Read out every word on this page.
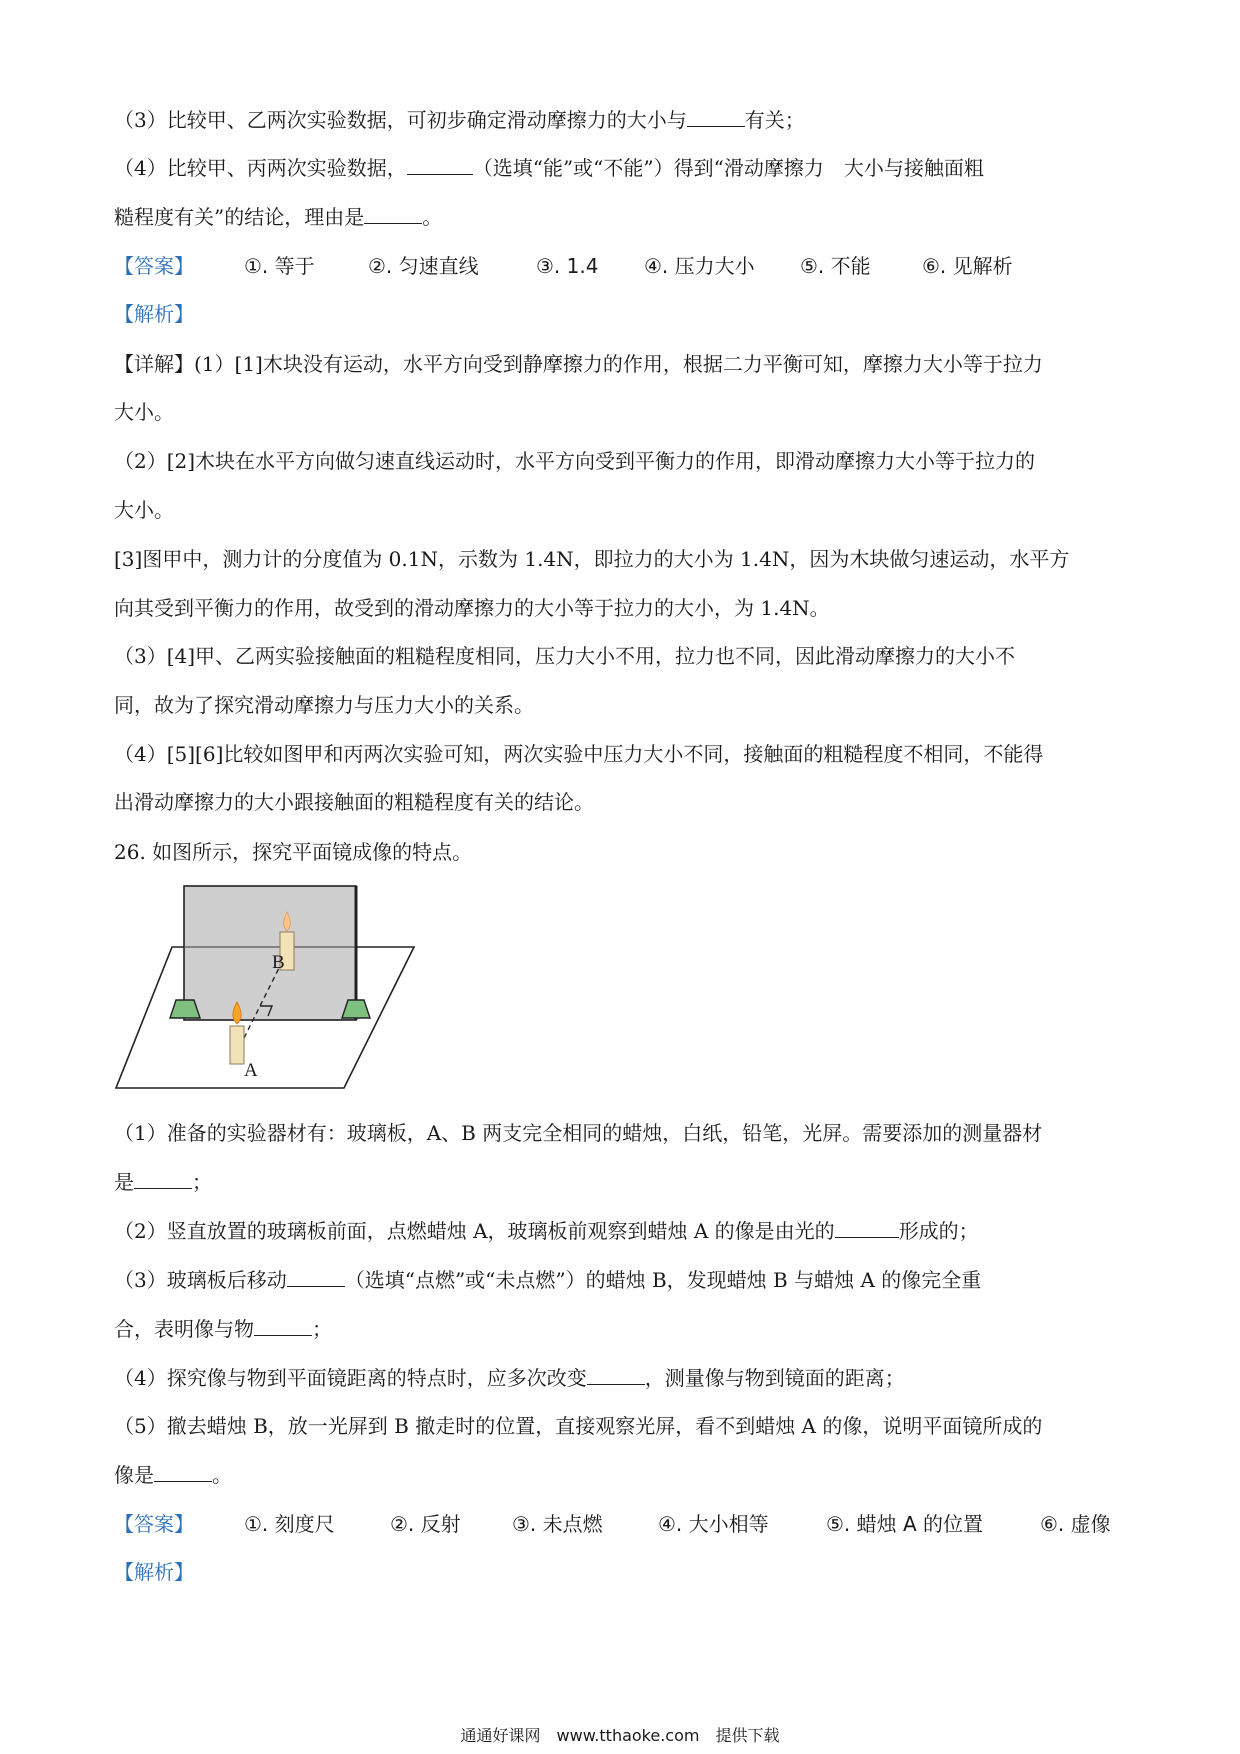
（3）比较甲、乙两次实验数据，可初步确定滑动摩擦力的大小与	有关；
（4）比较甲、丙两次实验数据，	（选填“能”或“不能”）得到“滑动摩擦力　大小与接触面粗
糙程度有关”的结论，理由是	。
【答案】	①. 等于	②. 匀速直线	③. 1.4 ④. 压力大小 ⑤. 不能	⑥. 见解析
【解析】
【详解】(1）[1]木块没有运动，水平方向受到静摩擦力的作用，根据二力平衡可知，摩擦力大小等于拉力
大小。
（2）[2]木块在水平方向做匀速直线运动时，水平方向受到平衡力的作用，即滑动摩擦力大小等于拉力的
大小。
[3]图甲中，测力计的分度值为 0.1N，示数为 1.4N，即拉力的大小为 1.4N，因为木块做匀速运动，水平方
向其受到平衡力的作用，故受到的滑动摩擦力的大小等于拉力的大小，为 1.4N。
（3）[4]甲、乙两实验接触面的粗糙程度相同，压力大小不用，拉力也不同，因此滑动摩擦力的大小不
同，故为了探究滑动摩擦力与压力大小的关系。
（4）[5][6]比较如图甲和丙两次实验可知，两次实验中压力大小不同，接触面的粗糙程度不相同，不能得
出滑动摩擦力的大小跟接触面的粗糙程度有关的结论。
26. 如图所示，探究平面镜成像的特点。
B
A
（1）准备的实验器材有：玻璃板，A、B 两支完全相同的蜡烛，白纸，铅笔，光屏。需要添加的测量器材
是	；
（2）竖直放置的玻璃板前面，点燃蜡烛 A，玻璃板前观察到蜡烛 A 的像是由光的	形成的；
（3）玻璃板后移动	（选填“点燃”或“未点燃”）的蜡烛 B，发现蜡烛 B 与蜡烛 A 的像完全重
合，表明像与物	；
（4）探究像与物到平面镜距离的特点时，应多次改变	，测量像与物到镜面的距离；
（5）撤去蜡烛 B，放一光屏到 B 撤走时的位置，直接观察光屏，看不到蜡烛 A 的像，说明平面镜所成的
像是	。
【答案】	①. 刻度尺	②. 反射	③. 未点燃	④. 大小相等	⑤. 蜡烛 A 的位置	⑥. 虚像
【解析】
通通好课网　www.tthaoke.com　提供下载
